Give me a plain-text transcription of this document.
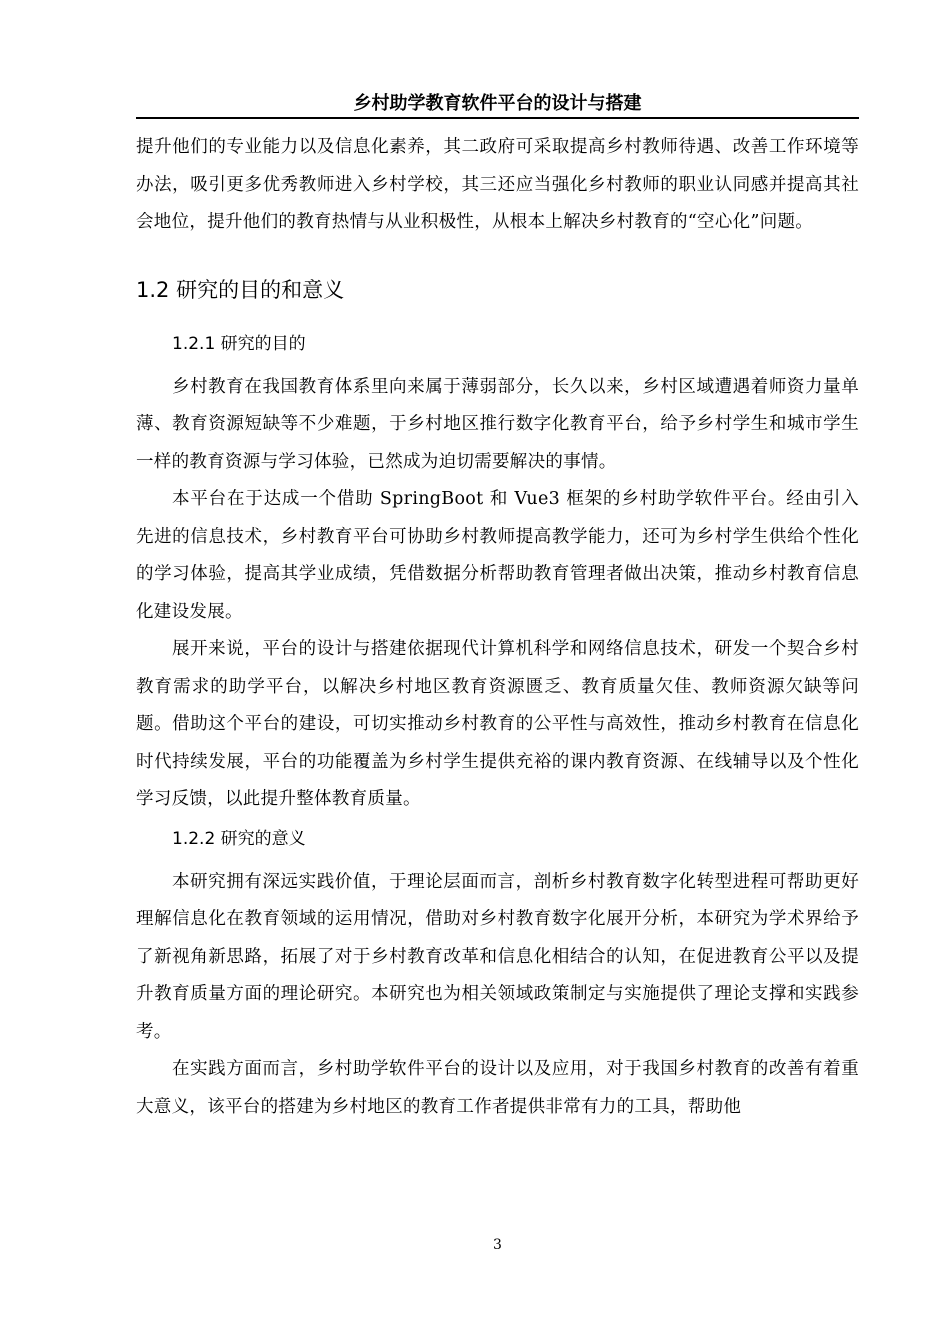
乡村助学教育软件平台的设计与搭建

提升他们的专业能力以及信息化素养，其二政府可采取提高乡村教师待遇、改善工作环境等办法，吸引更多优秀教师进入乡村学校，其三还应当强化乡村教师的职业认同感并提高其社会地位，提升他们的教育热情与从业积极性，从根本上解决乡村教育的“空心化”问题。

1.2 研究的目的和意义
1.2.1 研究的目的

乡村教育在我国教育体系里向来属于薄弱部分，长久以来，乡村区域遭遇着师资力量单薄、教育资源短缺等不少难题，于乡村地区推行数字化教育平台，给予乡村学生和城市学生一样的教育资源与学习体验，已然成为迫切需要解决的事情。

本平台在于达成一个借助 SpringBoot 和 Vue3 框架的乡村助学软件平台。经由引入先进的信息技术，乡村教育平台可协助乡村教师提高教学能力，还可为乡村学生供给个性化的学习体验，提高其学业成绩，凭借数据分析帮助教育管理者做出决策，推动乡村教育信息化建设发展。

展开来说，平台的设计与搭建依据现代计算机科学和网络信息技术，研发一个契合乡村教育需求的助学平台，以解决乡村地区教育资源匮乏、教育质量欠佳、教师资源欠缺等问题。借助这个平台的建设，可切实推动乡村教育的公平性与高效性，推动乡村教育在信息化时代持续发展，平台的功能覆盖为乡村学生提供充裕的课内教育资源、在线辅导以及个性化学习反馈，以此提升整体教育质量。

1.2.2 研究的意义

本研究拥有深远实践价值，于理论层面而言，剖析乡村教育数字化转型进程可帮助更好理解信息化在教育领域的运用情况，借助对乡村教育数字化展开分析，本研究为学术界给予了新视角新思路，拓展了对于乡村教育改革和信息化相结合的认知，在促进教育公平以及提升教育质量方面的理论研究。本研究也为相关领域政策制定与实施提供了理论支撑和实践参考。

在实践方面而言，乡村助学软件平台的设计以及应用，对于我国乡村教育的改善有着重大意义，该平台的搭建为乡村地区的教育工作者提供非常有力的工具，帮助他

3
